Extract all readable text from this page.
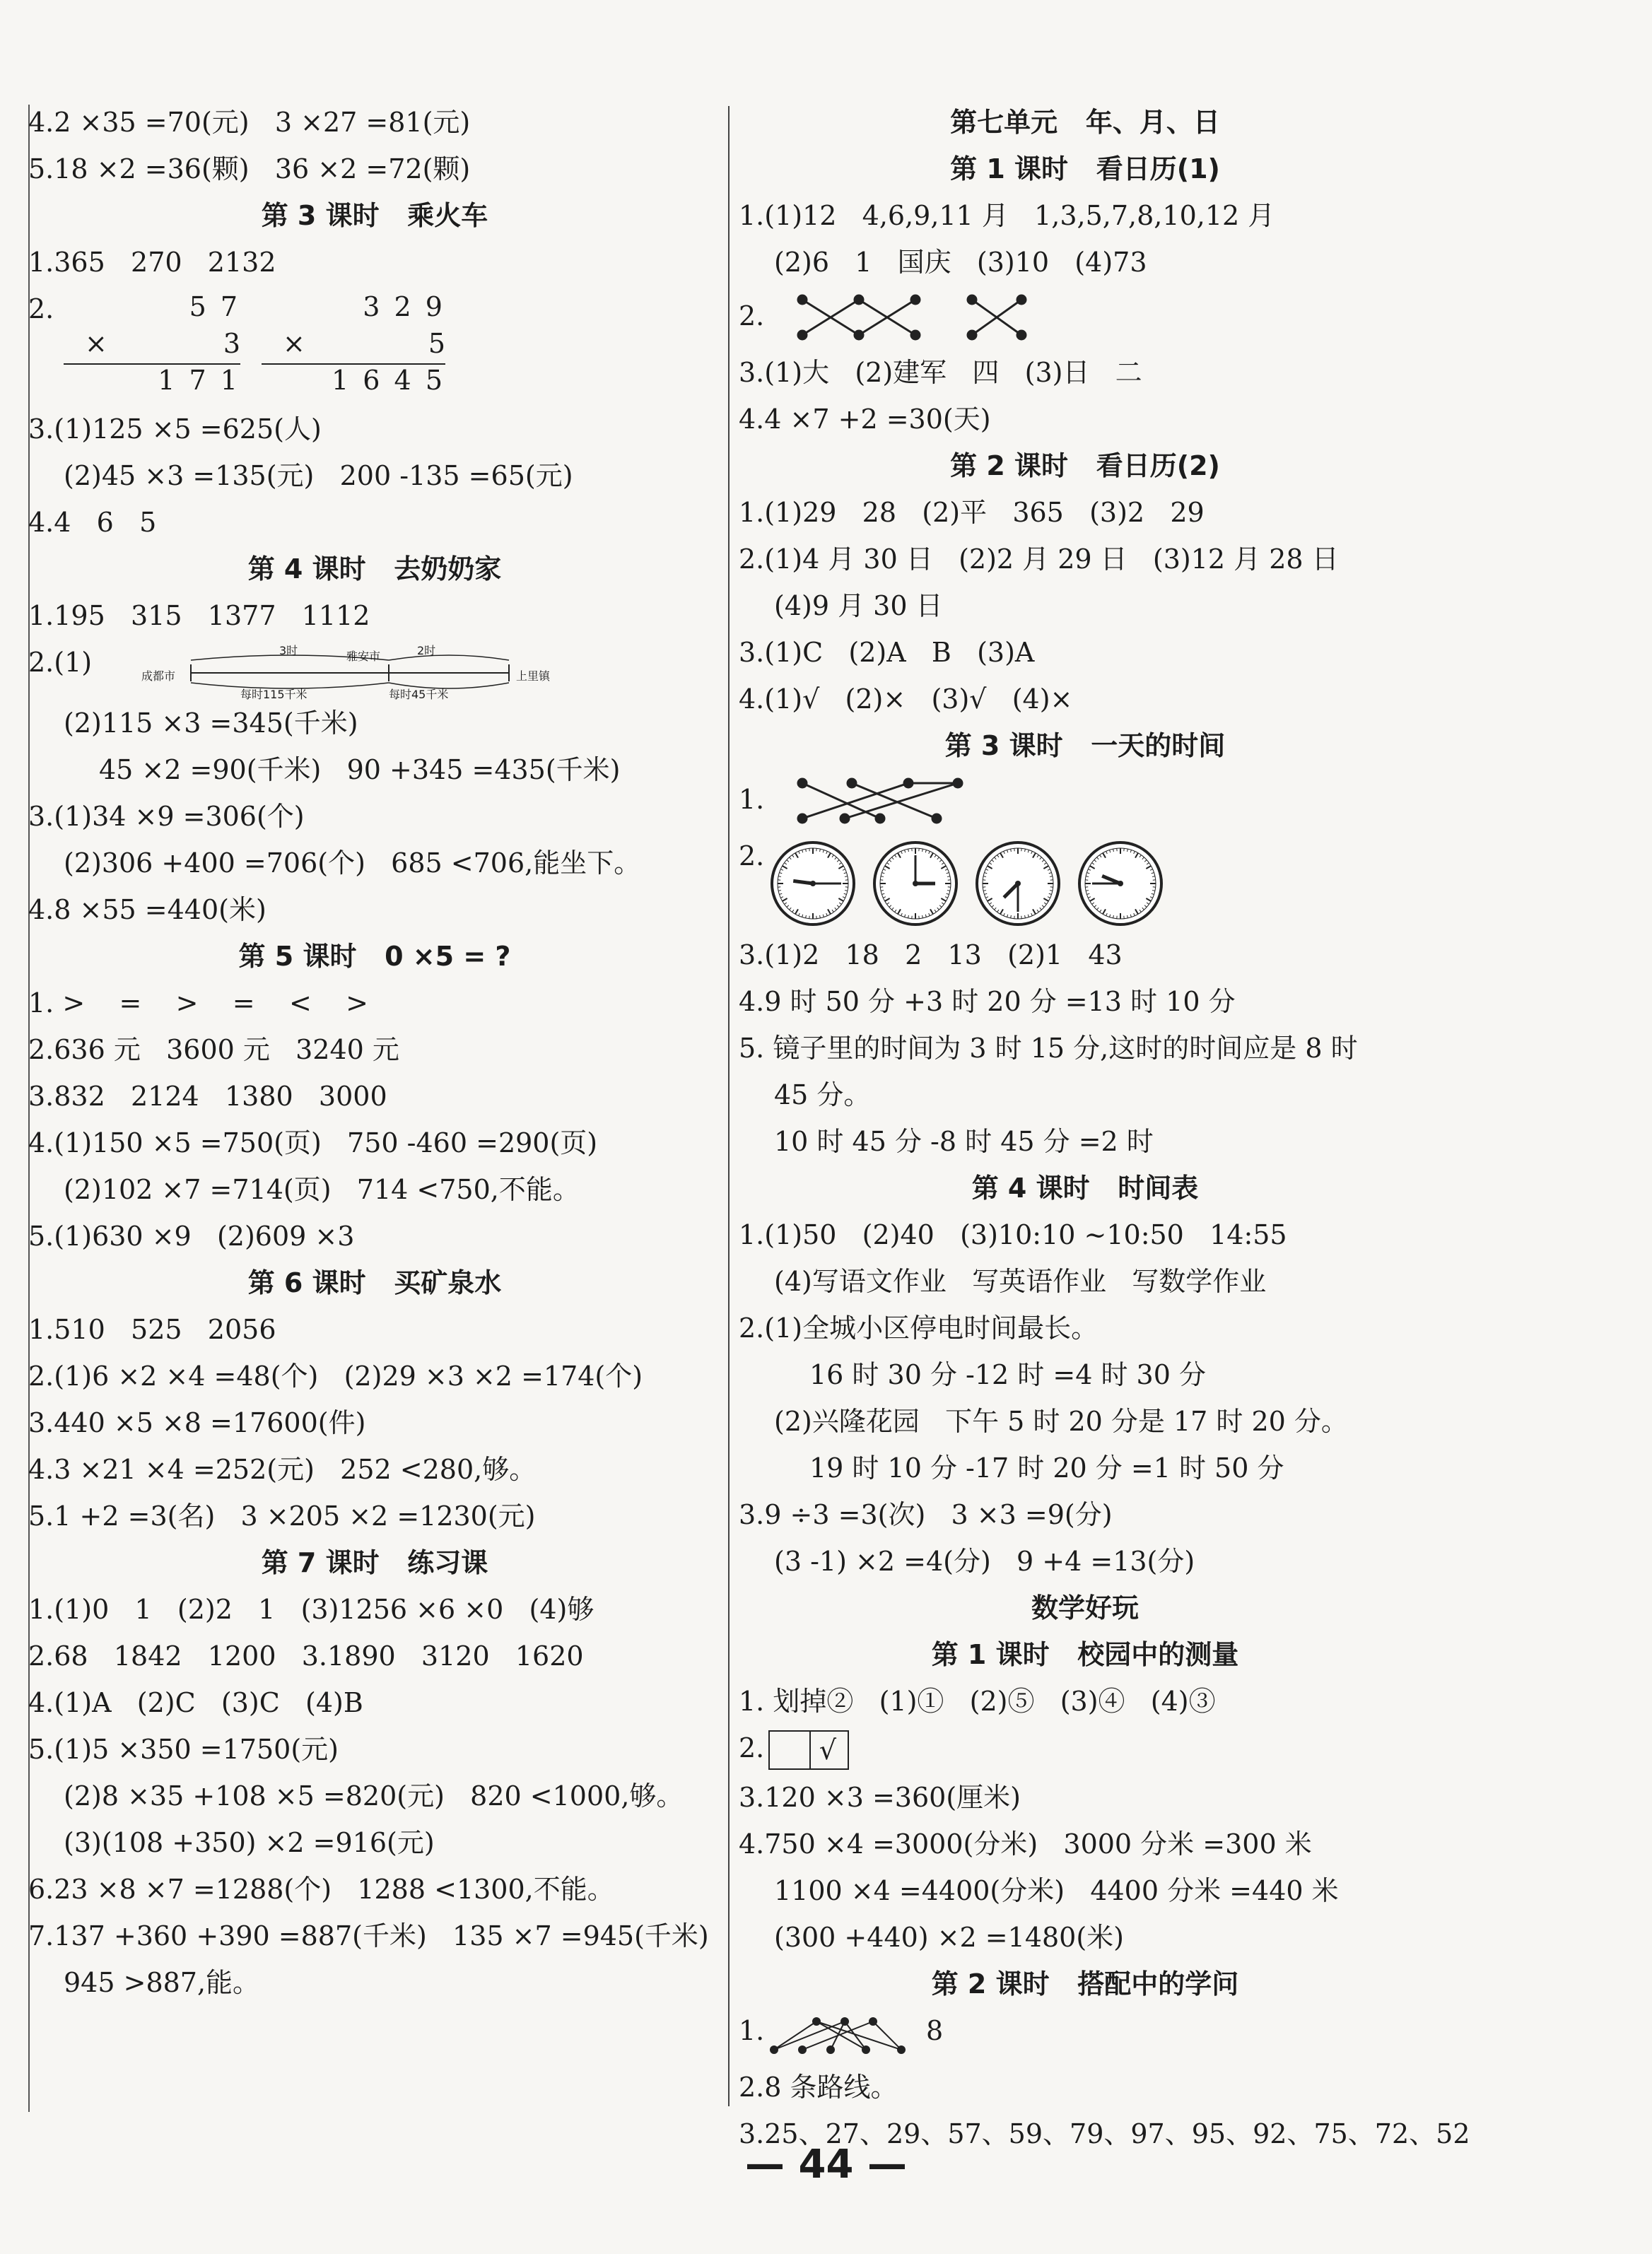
4.2 ×35 =70(元)   3 ×27 =81(元)
5.18 ×2 =36(颗)   36 ×2 =72(颗)
第 3 课时   乘火车
1.365   270   2132
2.	5 7
×	3
1 7 1
3 2 9
×	5
1 6 4 5
3.(1)125 ×5 =625(人)
(2)45 ×3 =135(元)   200 -135 =65(元)
4.4   6   5
第 4 课时   去奶奶家
1.195   315   1377   1112
2.(1)	成都市
雅安市
上里镇
3时	2时
每时115千米	每时45千米
(2)115 ×3 =345(千米)
45 ×2 =90(千米)   90 +345 =435(千米)
3.(1)34 ×9 =306(个)
(2)306 +400 =706(个)   685 <706,能坐下。
4.8 ×55 =440(米)
第 5 课时   0 ×5 = ?
1. >    =    >    =    <    >
2.636 元   3600 元   3240 元
3.832   2124   1380   3000
4.(1)150 ×5 =750(页)   750 -460 =290(页)
(2)102 ×7 =714(页)   714 <750,不能。
5.(1)630 ×9   (2)609 ×3
第 6 课时   买矿泉水
1.510   525   2056
2.(1)6 ×2 ×4 =48(个)   (2)29 ×3 ×2 =174(个)
3.440 ×5 ×8 =17600(件)
4.3 ×21 ×4 =252(元)   252 <280,够。
5.1 +2 =3(名)   3 ×205 ×2 =1230(元)
第 7 课时   练习课
1.(1)0   1   (2)2   1   (3)1256 ×6 ×0   (4)够
2.68   1842   1200   3.1890   3120   1620
4.(1)A   (2)C   (3)C   (4)B
5.(1)5 ×350 =1750(元)
(2)8 ×35 +108 ×5 =820(元)   820 <1000,够。
(3)(108 +350) ×2 =916(元)
6.23 ×8 ×7 =1288(个)   1288 <1300,不能。
7.137 +360 +390 =887(千米)   135 ×7 =945(千米)
945 >887,能。
第七单元   年、月、日
第 1 课时   看日历(1)
1.(1)12   4,6,9,11 月   1,3,5,7,8,10,12 月
(2)6   1   国庆   (3)10   (4)73
2.
3.(1)大   (2)建军   四   (3)日   二
4.4 ×7 +2 =30(天)
第 2 课时   看日历(2)
1.(1)29   28   (2)平   365   (3)2   29
2.(1)4 月 30 日   (2)2 月 29 日   (3)12 月 28 日
(4)9 月 30 日
3.(1)C   (2)A   B   (3)A
4.(1)√   (2)×   (3)√   (4)×
第 3 课时   一天的时间
1.
2.
3.(1)2   18   2   13   (2)1   43
4.9 时 50 分 +3 时 20 分 =13 时 10 分
5. 镜子里的时间为 3 时 15 分,这时的时间应是 8 时
45 分。
10 时 45 分 -8 时 45 分 =2 时
第 4 课时   时间表
1.(1)50   (2)40   (3)10:10 ~10:50   14:55
(4)写语文作业   写英语作业   写数学作业
2.(1)全城小区停电时间最长。
16 时 30 分 -12 时 =4 时 30 分
(2)兴隆花园   下午 5 时 20 分是 17 时 20 分。
19 时 10 分 -17 时 20 分 =1 时 50 分
3.9 ÷3 =3(次)   3 ×3 =9(分)
(3 -1) ×2 =4(分)   9 +4 =13(分)
数学好玩
第 1 课时   校园中的测量
1. 划掉②   (1)①   (2)⑤   (3)④   (4)③
2.	√
3.120 ×3 =360(厘米)
4.750 ×4 =3000(分米)   3000 分米 =300 米
1100 ×4 =4400(分米)   4400 分米 =440 米
(300 +440) ×2 =1480(米)
第 2 课时   搭配中的学问
1.	8
2.8 条路线。
3.25、27、29、57、59、79、97、95、92、75、72、52
— 44 —
